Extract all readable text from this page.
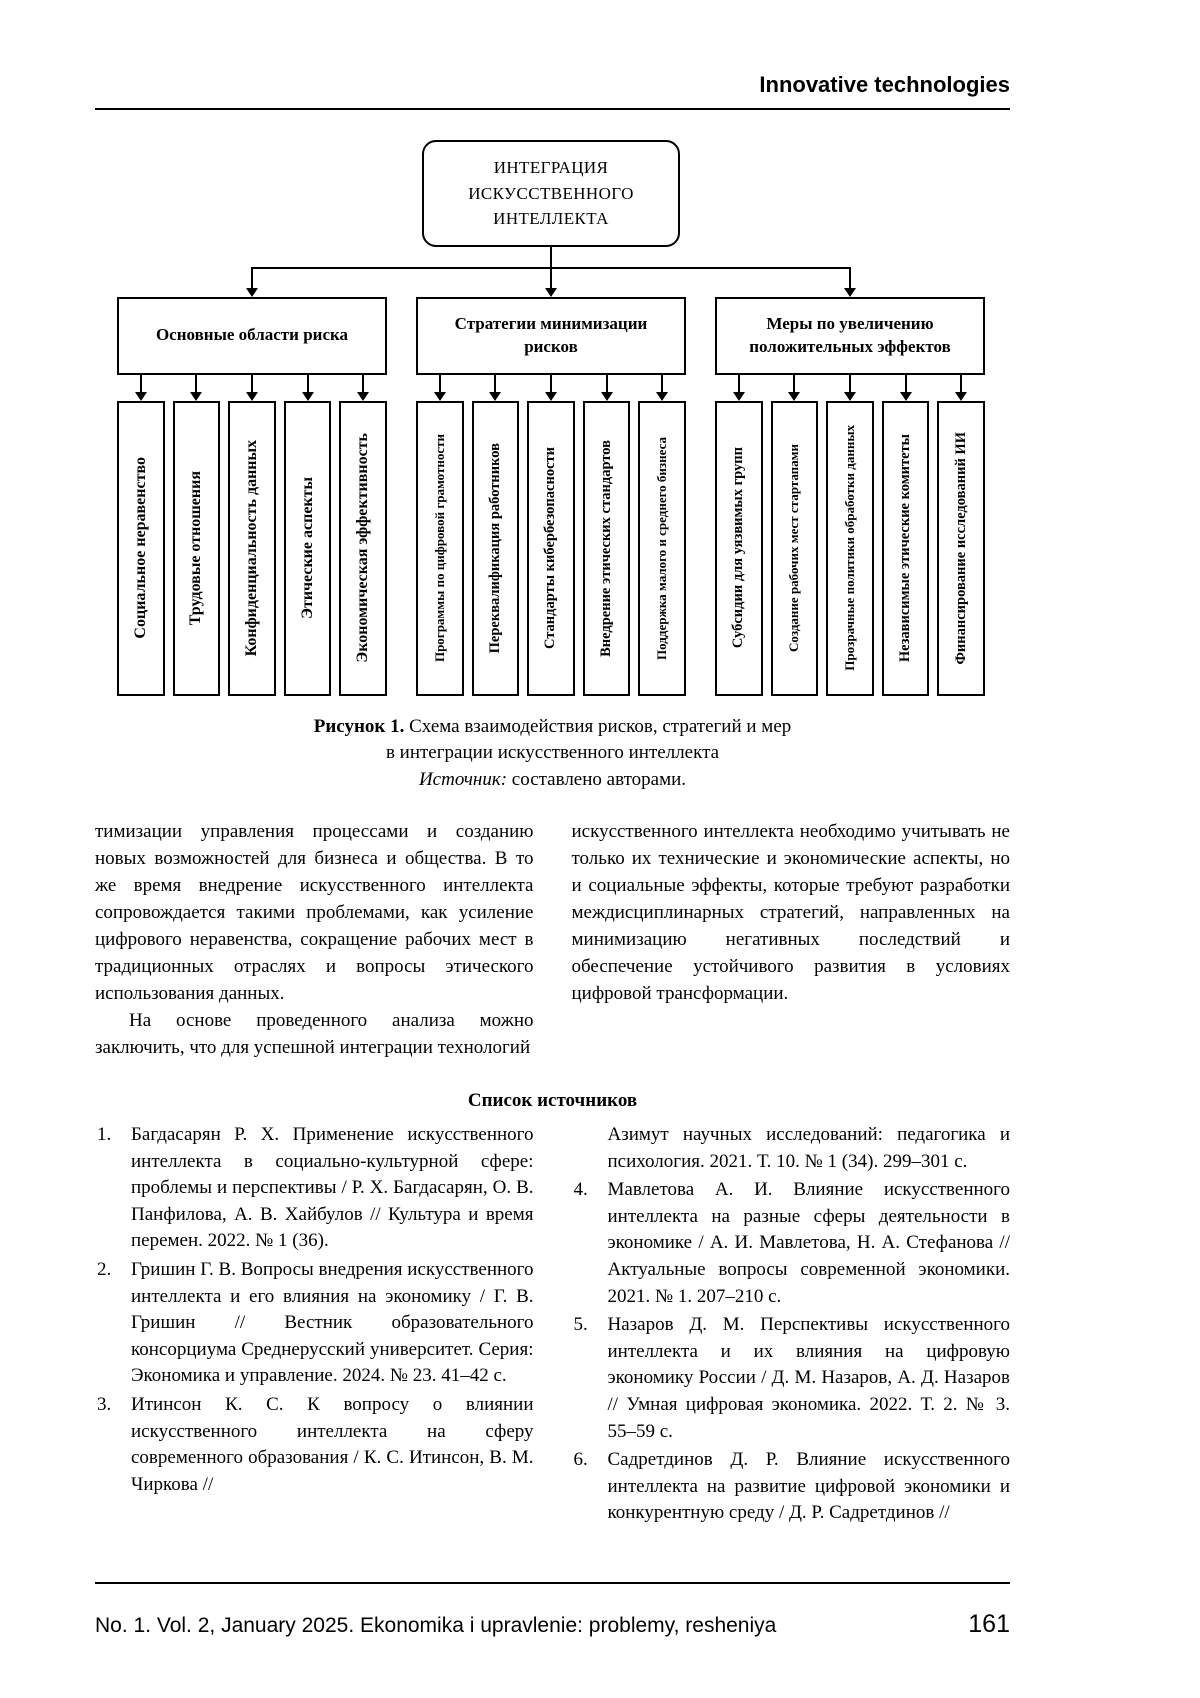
Innovative technologies
ИНТЕГРАЦИЯ ИСКУССТВЕННОГО ИНТЕЛЛЕКТА
Основные области риска
Социальное неравенство Трудовые отношения Конфиденциальность данных Этические аспекты Экономическая эффективность
Стратегии минимизации рисков
Программы по цифровой грамотности	Переквалификация работников	Стандарты кибербезопасности	Внедрение этических стандартов	Поддержка малого и среднего бизнеса
Меры по увеличению положительных эффектов
Субсидии для уязвимых групп	Создание рабочих мест стартапами	Прозрачные политики обработки данных	Независимые этические комитеты	Финансирование исследований ИИ
Рисунок 1. Схема взаимодействия рисков, стратегий и мер
в интеграции искусственного интеллекта
Источник: составлено авторами.

тимизации управления процессами и созданию новых возможностей для бизнеса и общества. В то же время внедрение искусственного интеллекта сопровождается такими проблемами, как усиление цифрового неравенства, сокращение рабочих мест в традиционных отраслях и вопросы этического использования данных.

На основе проведенного анализа можно заключить, что для успешной интеграции технологий

искусственного интеллекта необходимо учитывать не только их технические и экономические аспекты, но и социальные эффекты, которые требуют разработки междисциплинарных стратегий, направленных на минимизацию негативных последствий и обеспечение устойчивого развития в условиях цифровой трансформации.

Список источников
1.	Багдасарян Р. Х. Применение искусственного интеллекта в социально-культурной сфере: проблемы и перспективы / Р. Х. Багдасарян, О. В. Панфилова, А. В. Хайбулов // Культура и время перемен. 2022. № 1 (36).
2.	Гришин Г. В. Вопросы внедрения искусственного интеллекта и его влияния на экономику / Г. В. Гришин // Вестник образовательного консорциума Среднерусский университет. Серия: Экономика и управление. 2024. № 23. 41–42 с.
3.	Итинсон К. С. К вопросу о влиянии искусственного интеллекта на сферу современного образования / К. С. Итинсон, В. М. Чиркова //
Азимут научных исследований: педагогика и психология. 2021. Т. 10. № 1 (34). 299–301 с.
4.	Мавлетова А. И. Влияние искусственного интеллекта на разные сферы деятельности в экономике / А. И. Мавлетова, Н. А. Стефанова // Актуальные вопросы современной экономики. 2021. № 1. 207–210 с.
5.	Назаров Д. М. Перспективы искусственного интеллекта и их влияния на цифровую экономику России / Д. М. Назаров, А. Д. Назаров // Умная цифровая экономика. 2022. Т. 2. № 3. 55–59 с.
6.	Садретдинов Д. Р. Влияние искусственного интеллекта на развитие цифровой экономики и конкурентную среду / Д. Р. Садретдинов //
No. 1. Vol. 2, January 2025. Ekonomika i upravlenie: problemy, resheniya	161
